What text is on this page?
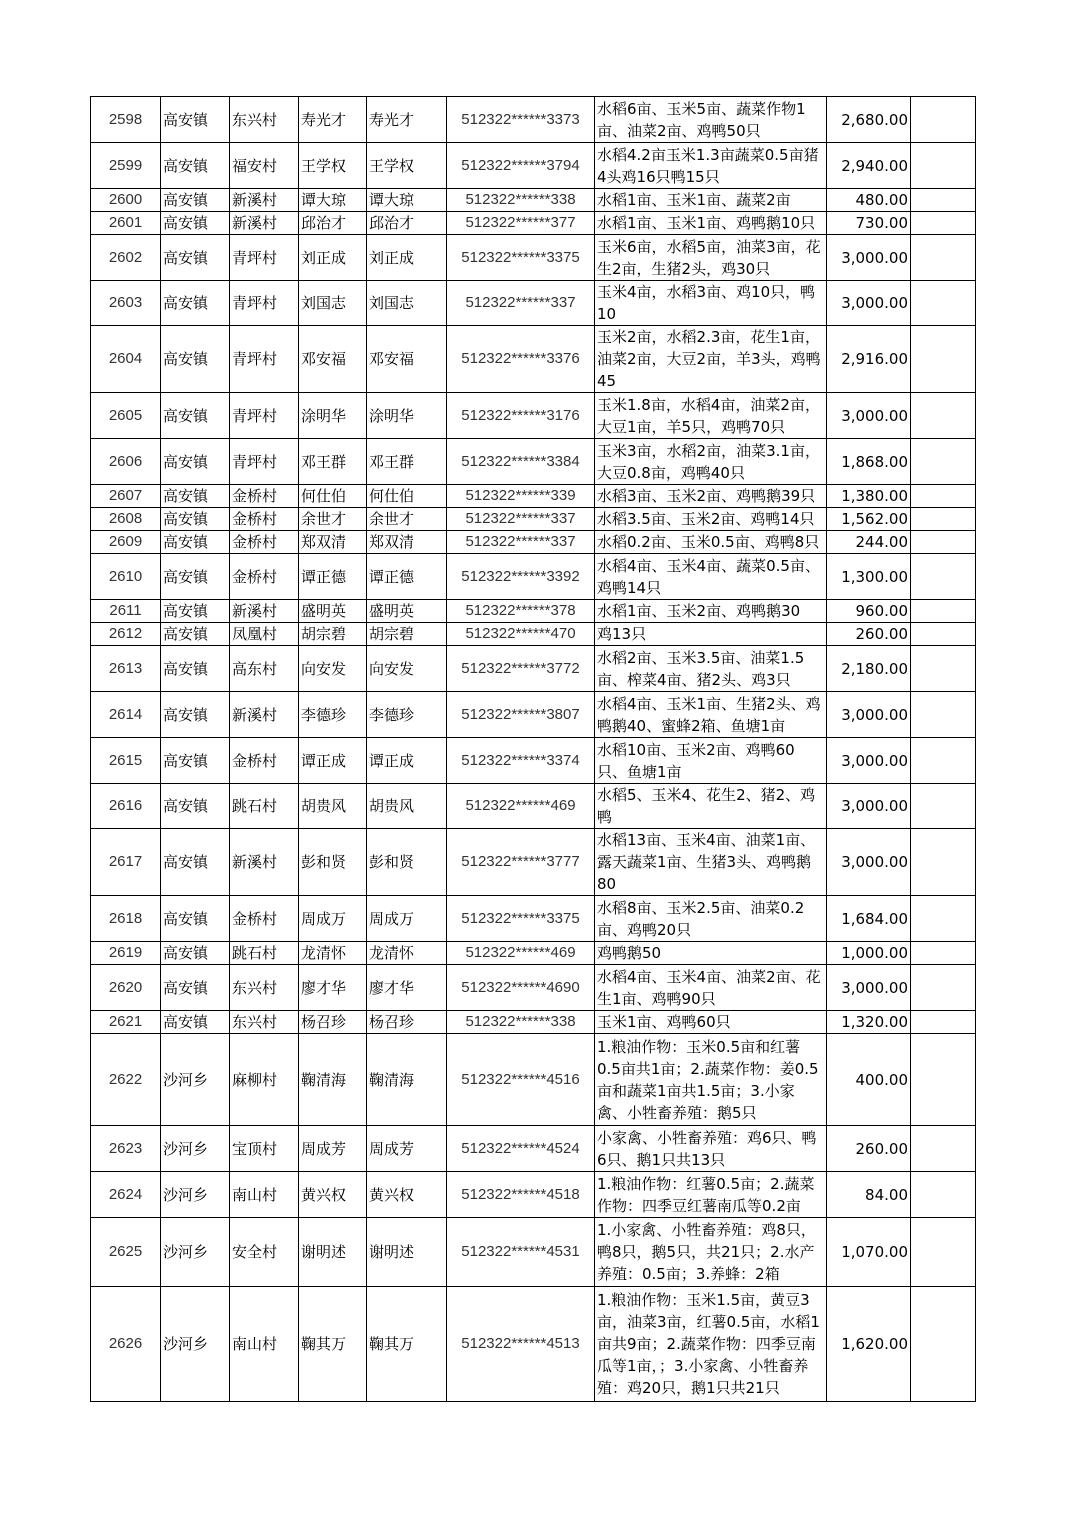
2598	高安镇	东兴村	寿光才	寿光才	512322******3373	水稻6亩、玉米5亩、蔬菜作物1亩、油菜2亩、鸡鸭50只	2,680.00	
2599	高安镇	福安村	王学权	王学权	512322******3794	水稻4.2亩玉米1.3亩蔬菜0.5亩猪4头鸡16只鸭15只	2,940.00	
2600	高安镇	新溪村	谭大琼	谭大琼	512322******338	水稻1亩、玉米1亩、蔬菜2亩	480.00	
2601	高安镇	新溪村	邱治才	邱治才	512322******377	水稻1亩、玉米1亩、鸡鸭鹅10只	730.00	
2602	高安镇	青坪村	刘正成	刘正成	512322******3375	玉米6亩，水稻5亩，油菜3亩，花生2亩，生猪2头，鸡30只	3,000.00	
2603	高安镇	青坪村	刘国志	刘国志	512322******337	玉米4亩，水稻3亩、鸡10只，鸭10	3,000.00	
2604	高安镇	青坪村	邓安福	邓安福	512322******3376	玉米2亩，水稻2.3亩，花生1亩，油菜2亩，大豆2亩，羊3头，鸡鸭45	2,916.00	
2605	高安镇	青坪村	涂明华	涂明华	512322******3176	玉米1.8亩，水稻4亩，油菜2亩，大豆1亩，羊5只，鸡鸭70只	3,000.00	
2606	高安镇	青坪村	邓王群	邓王群	512322******3384	玉米3亩，水稻2亩，油菜3.1亩，大豆0.8亩，鸡鸭40只	1,868.00	
2607	高安镇	金桥村	何仕伯	何仕伯	512322******339	水稻3亩、玉米2亩、鸡鸭鹅39只	1,380.00	
2608	高安镇	金桥村	余世才	余世才	512322******337	水稻3.5亩、玉米2亩、鸡鸭14只	1,562.00	
2609	高安镇	金桥村	郑双清	郑双清	512322******337	水稻0.2亩、玉米0.5亩、鸡鸭8只	244.00	
2610	高安镇	金桥村	谭正德	谭正德	512322******3392	水稻4亩、玉米4亩、蔬菜0.5亩、鸡鸭14只	1,300.00	
2611	高安镇	新溪村	盛明英	盛明英	512322******378	水稻1亩、玉米2亩、鸡鸭鹅30	960.00	
2612	高安镇	凤凰村	胡宗碧	胡宗碧	512322******470	鸡13只	260.00	
2613	高安镇	高东村	向安发	向安发	512322******3772	水稻2亩、玉米3.5亩、油菜1.5亩、榨菜4亩、猪2头、鸡3只	2,180.00	
2614	高安镇	新溪村	李德珍	李德珍	512322******3807	水稻4亩、玉米1亩、生猪2头、鸡鸭鹅40、蜜蜂2箱、鱼塘1亩	3,000.00	
2615	高安镇	金桥村	谭正成	谭正成	512322******3374	水稻10亩、玉米2亩、鸡鸭60只、鱼塘1亩	3,000.00	
2616	高安镇	跳石村	胡贵风	胡贵风	512322******469	水稻5、玉米4、花生2、猪2、鸡鸭	3,000.00	
2617	高安镇	新溪村	彭和贤	彭和贤	512322******3777	水稻13亩、玉米4亩、油菜1亩、露天蔬菜1亩、生猪3头、鸡鸭鹅80	3,000.00	
2618	高安镇	金桥村	周成万	周成万	512322******3375	水稻8亩、玉米2.5亩、油菜0.2亩、鸡鸭20只	1,684.00	
2619	高安镇	跳石村	龙清怀	龙清怀	512322******469	鸡鸭鹅50	1,000.00	
2620	高安镇	东兴村	廖才华	廖才华	512322******4690	水稻4亩、玉米4亩、油菜2亩、花生1亩、鸡鸭90只	3,000.00	
2621	高安镇	东兴村	杨召珍	杨召珍	512322******338	玉米1亩、鸡鸭60只	1,320.00	
2622	沙河乡	麻柳村	鞠清海	鞠清海	512322******4516	1.粮油作物：玉米0.5亩和红薯0.5亩共1亩；2.蔬菜作物：姜0.5亩和蔬菜1亩共1.5亩；3.小家禽、小牲畜养殖：鹅5只	400.00	
2623	沙河乡	宝顶村	周成芳	周成芳	512322******4524	小家禽、小牲畜养殖：鸡6只、鸭6只、鹅1只共13只	260.00	
2624	沙河乡	南山村	黄兴权	黄兴权	512322******4518	1.粮油作物：红薯0.5亩；2.蔬菜作物：四季豆红薯南瓜等0.2亩	84.00	
2625	沙河乡	安全村	谢明述	谢明述	512322******4531	1.小家禽、小牲畜养殖：鸡8只，鸭8只，鹅5只，共21只；2.水产养殖：0.5亩；3.养蜂：2箱	1,070.00	
2626	沙河乡	南山村	鞠其万	鞠其万	512322******4513	1.粮油作物：玉米1.5亩，黄豆3亩，油菜3亩，红薯0.5亩，水稻1亩共9亩；2.蔬菜作物：四季豆南瓜等1亩，；3.小家禽、小牲畜养殖：鸡20只，鹅1只共21只	1,620.00	
